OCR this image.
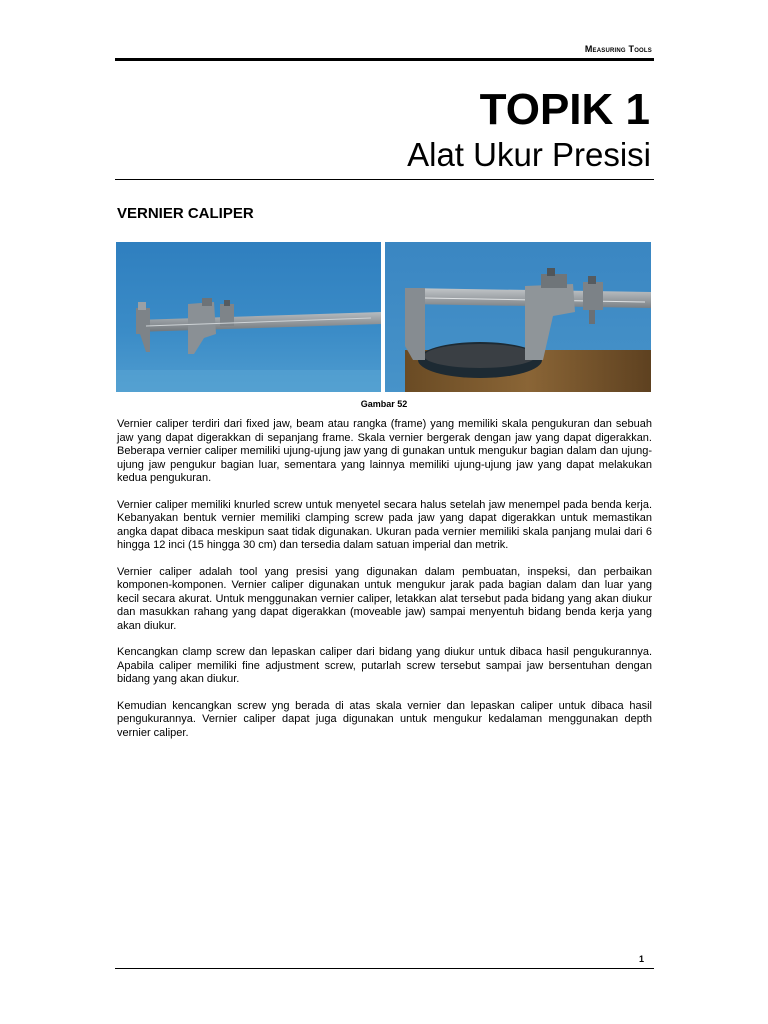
Measuring Tools
TOPIK 1
Alat Ukur Presisi
VERNIER CALIPER
Gambar 52

Vernier caliper terdiri dari fixed jaw, beam atau rangka (frame) yang memiliki skala pengukuran dan sebuah jaw yang dapat digerakkan di sepanjang frame. Skala vernier bergerak dengan jaw yang dapat digerakkan. Beberapa vernier caliper memiliki ujung-ujung jaw yang di gunakan untuk mengukur bagian dalam dan ujung-ujung jaw pengukur bagian luar, sementara yang lainnya memiliki ujung-ujung jaw yang dapat melakukan kedua pengukuran.

Vernier caliper memiliki knurled screw untuk menyetel secara halus setelah jaw menempel pada benda kerja. Kebanyakan bentuk vernier memiliki clamping screw pada jaw yang dapat digerakkan untuk memastikan angka dapat dibaca meskipun saat tidak digunakan. Ukuran pada vernier memiliki skala panjang mulai dari 6 hingga 12 inci (15 hingga 30 cm) dan tersedia dalam satuan imperial dan metrik.

Vernier caliper adalah tool yang presisi yang digunakan dalam pembuatan, inspeksi, dan perbaikan komponen-komponen. Vernier caliper digunakan untuk mengukur jarak pada bagian dalam dan luar yang kecil secara akurat. Untuk menggunakan vernier caliper, letakkan alat tersebut pada bidang yang akan diukur dan masukkan rahang yang dapat digerakkan (moveable jaw) sampai menyentuh bidang benda kerja yang akan diukur.

Kencangkan clamp screw dan lepaskan caliper dari bidang yang diukur untuk dibaca hasil pengukurannya. Apabila caliper memiliki fine adjustment screw, putarlah screw tersebut sampai jaw bersentuhan dengan bidang yang akan diukur.

Kemudian kencangkan screw yng berada di atas skala vernier dan lepaskan caliper untuk dibaca hasil pengukurannya. Vernier caliper dapat juga digunakan untuk mengukur kedalaman menggunakan depth vernier caliper.

1
